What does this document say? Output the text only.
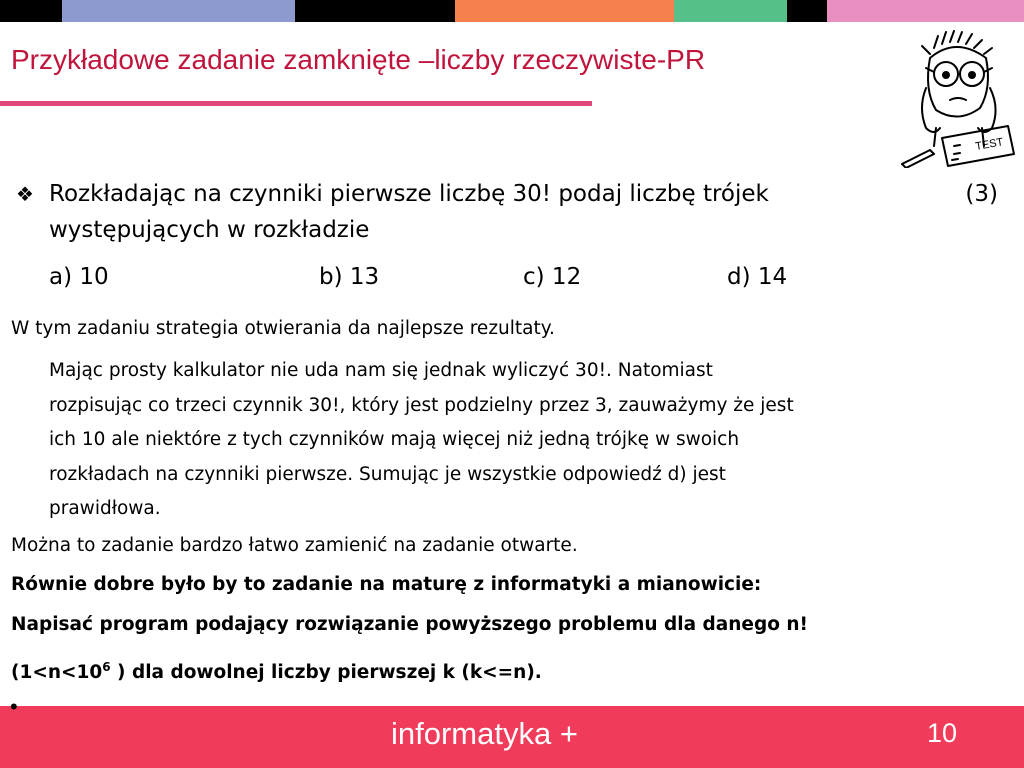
Przykładowe zadanie zamknięte –liczby rzeczywiste-PR
TEST
❖ Rozkładając na czynniki pierwsze liczbę 30! podaj liczbę trójek
występujących w rozkładzie
(3)
a) 10	b) 13	c) 12	d) 14
W tym zadaniu strategia otwierania da najlepsze rezultaty.
Mając prosty kalkulator nie uda nam się jednak wyliczyć 30!. Natomiast
rozpisując co trzeci czynnik 30!, który jest podzielny przez 3, zauważymy że jest
ich 10 ale niektóre z tych czynników mają więcej niż jedną trójkę w swoich
rozkładach na czynniki pierwsze. Sumując je wszystkie odpowiedź d) jest
prawidłowa.
Można to zadanie bardzo łatwo zamienić na zadanie otwarte.
Równie dobre było by to zadanie na maturę z informatyki a mianowicie:
Napisać program podający rozwiązanie powyższego problemu dla danego n!
($1<n<10^6$ ) dla dowolnej liczby pierwszej k (k<=n).
•
informatyka +	10
